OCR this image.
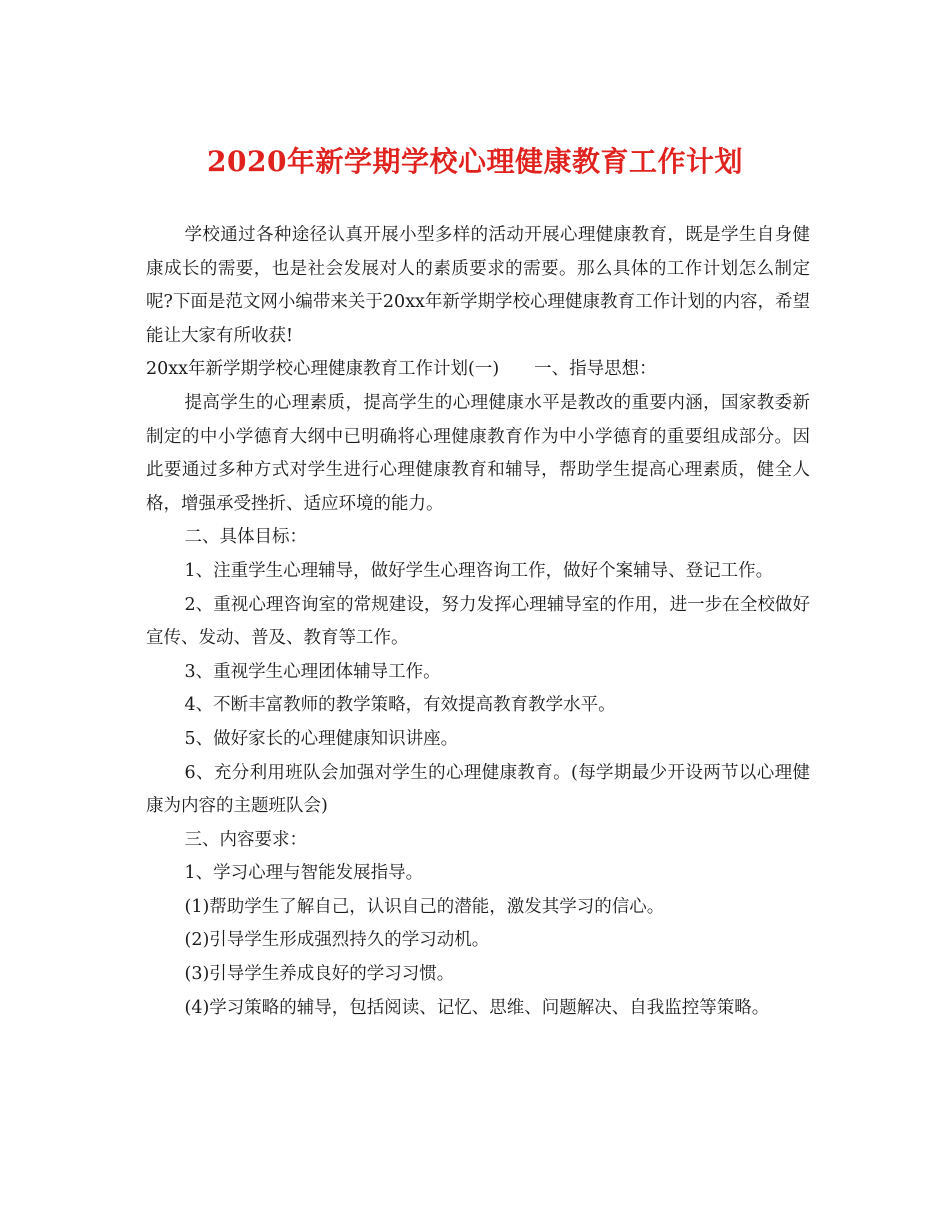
2020年新学期学校心理健康教育工作计划

学校通过各种途径认真开展小型多样的活动开展心理健康教育，既是学生自身健康成长的需要，也是社会发展对人的素质要求的需要。那么具体的工作计划怎么制定呢?下面是范文网小编带来关于20xx年新学期学校心理健康教育工作计划的内容，希望能让大家有所收获!

20xx年新学期学校心理健康教育工作计划(一)　　一、指导思想：

提高学生的心理素质，提高学生的心理健康水平是教改的重要内涵，国家教委新制定的中小学德育大纲中已明确将心理健康教育作为中小学德育的重要组成部分。因此要通过多种方式对学生进行心理健康教育和辅导，帮助学生提高心理素质，健全人格，增强承受挫折、适应环境的能力。

二、具体目标：

1、注重学生心理辅导，做好学生心理咨询工作，做好个案辅导、登记工作。

2、重视心理咨询室的常规建设，努力发挥心理辅导室的作用，进一步在全校做好宣传、发动、普及、教育等工作。

3、重视学生心理团体辅导工作。

4、不断丰富教师的教学策略，有效提高教育教学水平。

5、做好家长的心理健康知识讲座。

6、充分利用班队会加强对学生的心理健康教育。(每学期最少开设两节以心理健康为内容的主题班队会)

三、内容要求：

1、学习心理与智能发展指导。

(1)帮助学生了解自己，认识自己的潜能，激发其学习的信心。

(2)引导学生形成强烈持久的学习动机。

(3)引导学生养成良好的学习习惯。

(4)学习策略的辅导，包括阅读、记忆、思维、问题解决、自我监控等策略。
